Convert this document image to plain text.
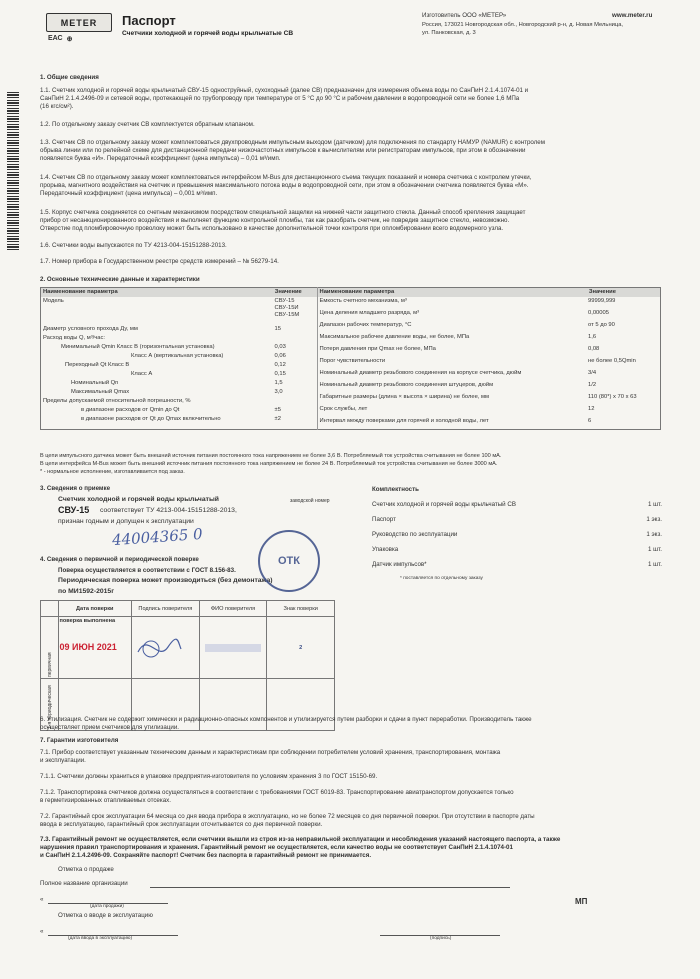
METER
ЕАС ⊕
Паспорт
Счетчики холодной и горячей воды крыльчатые СВ
Изготовитель ООО «МЕТЕР»	www.meter.ru
Россия, 173021 Новгородская обл., Новгородский р-н, д. Новая Мельница,
ул. Панковская, д. 3
1. Общие сведения
1.1. Счетчик холодной и горячей воды крыльчатый СВУ-15 одноструйный, сухоходный (далее СВ) предназначен для измерения объема воды по СанПиН 2.1.4.1074-01 и
СанПиН 2.1.4.2496-09 и сетевой воды, протекающей по трубопроводу при температуре от 5 °С до 90 °С и рабочем давлении в водопроводной сети не более 1,6 МПа
(16 кгс/см²).
1.2. По отдельному заказу счетчик СВ комплектуется обратным клапаном.
1.3. Счетчик СВ по отдельному заказу может комплектоваться двухпроводным импульсным выходом (датчиком) для подключения по стандарту НАМУР (NAMUR) с контролем
обрыва линии или по релейной схеме для дистанционной передачи низкочастотных импульсов к вычислителям или регистраторам импульсов, при этом в обозначении
появляется буква «И». Передаточный коэффициент (цена импульса) – 0,01 м³/имп.
1.4. Счетчик СВ по отдельному заказу может комплектоваться интерфейсом М-Bus для дистанционного съема текущих показаний и номера счетчика с контролем утечки,
прорыва, магнитного воздействия на счетчик и превышения максимального потока воды в водопроводной сети, при этом в обозначении счетчика появляется буква «М».
Передаточный коэффициент (цена импульса) – 0,001 м³/имп.
1.5. Корпус счетчика соединяется со счетным механизмом посредством специальной защелки на нижней части защитного стекла. Данный способ крепления защищает
прибор от несанкционированного воздействия и выполняет функцию контрольной пломбы, так как разобрать счетчик, не повредив защитное стекло, невозможно.
Отверстие под пломбировочную проволоку может быть использовано в качестве дополнительной точки контроля при опломбировании всего водомерного узла.
1.6. Счетчики воды выпускаются по ТУ 4213-004-15151288-2013.
1.7. Номер прибора в Государственном реестре средств измерений – № 56279-14.
2. Основные технические данные и характеристики
Наименование параметра	Значение	Наименование параметра	Значение

Модель	СВУ-15 СВУ-15И СВУ-15М
Диаметр условного прохода Ду, мм	15
Расход воды Q, м³/час:	
Минимальный Qmin Класс В (горизонтальная установка)	0,03
Класс А (вертикальная установка)	0,06
Переходный Qt Класс В	0,12
Класс А	0,15
Номинальный Qn	1,5
Максимальный Qmax	3,0
Пределы допускаемой относительной погрешности, %	
в диапазоне расходов от Qmin до Qt	±5
в диапазоне расходов от Qt до Qmax включительно	±2

Емкость счетного механизма, м³	99999,999
Цена деления младшего разряда, м³	0,00005
Диапазон рабочих температур, °С	от 5 до 90
Максимальное рабочее давление воды, не более, МПа	1,6
Потеря давления при Qmax не более, МПа	0,08
Порог чувствительности	не более 0,5Qmin
Номинальный диаметр резьбового соединения на корпусе счетчика, дюйм	3/4
Номинальный диаметр резьбового соединения штуцеров, дюйм	1/2
Габаритные размеры (длина × высота × ширина) не более, мм	110 (80*) х 70 х 63
Срок службы, лет	12
Интервал между поверками для горячей и холодной воды, лет	6
В цепи импульсного датчика может быть внешний источник питания постоянного тока напряжением не более 3,6 В. Потребляемый ток устройства считывания не более 100 мА.
В цепи интерфейса M-Bus может быть внешний источник питания постоянного тока напряжением не более 24 В. Потребляемый ток устройства считывания не более 3000 мА.
* - нормальное исполнение, изготавливается под заказ.
3. Сведения о приемке
Счетчик холодной и горячей воды крыльчатый
СВУ-15 соответствует ТУ 4213-004-15151288-2013,
признан годным и допущен к эксплуатации
заводской номер
44004365 0
Комплектность
Счетчик холодной и горячей воды крыльчатый СВ	1 шт.
Паспорт	1 экз.
Руководство по эксплуатации	1 экз.
Упаковка	1 шт.
Датчик импульсов*	1 шт.
* поставляется по отдельному заказу
4. Сведения о первичной и периодической поверке
Поверка осуществляется в соответствии с ГОСТ 8.156-83.
Периодическая поверка может производиться (без демонтажа)
по МИ1592-2015г
ОТК
	Дата поверки	Подпись поверителя	ФИО поверителя	Знак поверки
первичная	поверка выполнена
09 ИЮН 2021			2
1-я периодическая				
6. Утилизация. Счетчик не содержит химически и радиационно-опасных компонентов и утилизируется путем разборки и сдачи в пункт переработки. Производитель также
осуществляет прием счетчиков для утилизации.
7. Гарантии изготовителя
7.1. Прибор соответствует указанным техническим данным и характеристикам при соблюдении потребителем условий хранения, транспортирования, монтажа
и эксплуатации.
7.1.1. Счетчики должны храниться в упаковке предприятия-изготовителя по условиям хранения 3 по ГОСТ 15150-69.
7.1.2. Транспортировка счетчиков должна осуществляться в соответствии с требованиями ГОСТ 6019-83. Транспортирование авиатранспортом допускается только
в герметизированных отапливаемых отсеках.
7.2. Гарантийный срок эксплуатации 64 месяца со дня ввода прибора в эксплуатацию, но не более 72 месяцев со дня первичной поверки. При отсутствии в паспорте даты
ввода в эксплуатацию, гарантийный срок эксплуатации отсчитывается со дня первичной поверки.
7.3. Гарантийный ремонт не осуществляется, если счетчики вышли из строя из-за неправильной эксплуатации и несоблюдения указаний настоящего паспорта, а также
нарушения правил транспортирования и хранения. Гарантийный ремонт не осуществляется, если качество воды не соответствует СанПиН 2.1.4.1074-01
и СанПиН 2.1.4.2496-09. Сохраняйте паспорт! Счетчик без паспорта в гарантийный ремонт не принимается.
Отметка о продаже
Полное название организации
«
(дата продажи)
МП
Отметка о вводе в эксплуатацию
«
(дата ввода в эксплуатацию)	(подпись)
